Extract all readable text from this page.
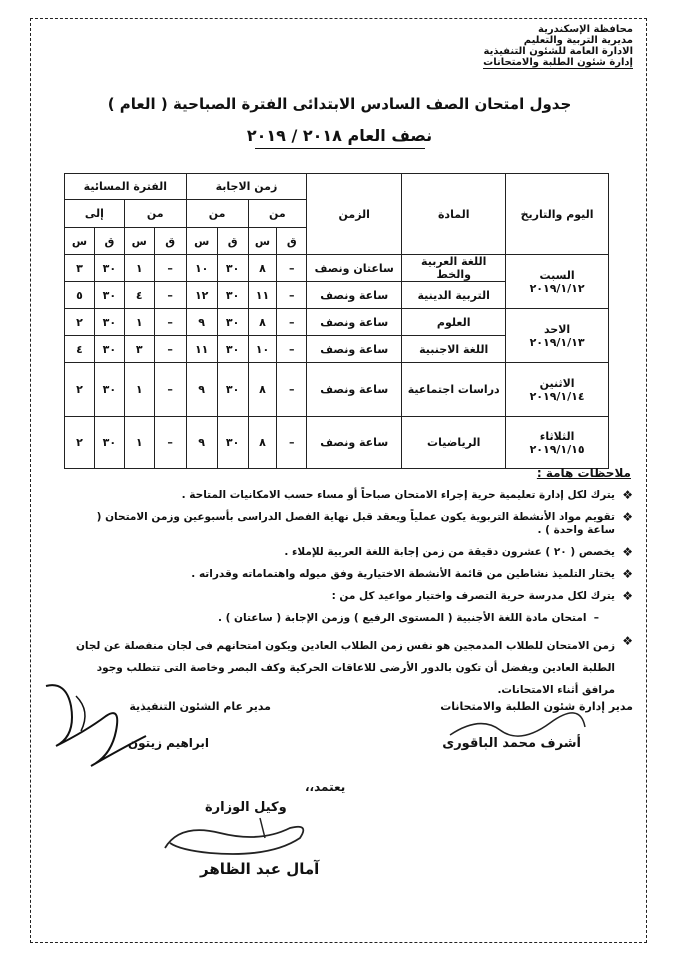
محافظة الإسكندرية
مديرية التربية والتعليم
الادارة العامة للشئون التنفيذية
إدارة شئون الطلبة والامتحانات
جدول امتحان الصف السادس الابتدائى الفترة الصباحية ( العام )
نصف العام ٢٠١٨ / ٢٠١٩
اليوم والتاريخ	المادة	الزمن	زمن الاجابة				الفترة المسائية			
			من		من		من		إلى	
			ق	س	ق	س	ق	س	ق	س

السبت
٢٠١٩/١/١٢	اللغة العربية والخط	ساعتان ونصف	–	٨	٣٠	١٠	–	١	٣٠	٣
	التربية الدينية	ساعة ونصف	–	١١	٣٠	١٢	–	٤	٣٠	٥

الاحد
٢٠١٩/١/١٣	العلوم	ساعة ونصف	–	٨	٣٠	٩	–	١	٣٠	٢
	اللغة الاجنبية	ساعة ونصف	–	١٠	٣٠	١١	–	٣	٣٠	٤

الاثنين
٢٠١٩/١/١٤	دراسات اجتماعية	ساعة ونصف	–	٨	٣٠	٩	–	١	٣٠	٢

الثلاثاء
٢٠١٩/١/١٥	الرياضيات	ساعة ونصف	–	٨	٣٠	٩	–	١	٣٠	٢
ملاحظات هامة :
❖
يترك لكل إدارة تعليمية حرية إجراء الامتحان صباحاً أو مساء حسب الامكانيات المتاحة .
❖
تقويم مواد الأنشطة التربوية يكون عملياً ويعقد قبل نهاية الفصل الدراسى بأسبوعين وزمن الامتحان ( ساعة واحدة ) .
❖
يخصص ( ٢٠ ) عشرون دقيقة من زمن إجابة اللغة العربية للإملاء .
❖
يختار التلميذ نشاطين من قائمة الأنشطة الاختيارية وفق ميوله واهتماماته وقدراته .
❖
يترك لكل مدرسة حرية التصرف واختيار مواعيد كل من :
–  امتحان مادة اللغة الأجنبية ( المستوى الرفيع ) وزمن الإجابة ( ساعتان ) .
❖
زمن الامتحان للطلاب المدمجين هو نفس زمن الطلاب العادين ويكون امتحانهم فى لجان منفصلة عن لجان الطلبة العادين ويفضل أن تكون بالدور الأرضى للاعاقات الحركية وكف البصر وخاصة التى تتطلب وجود مرافق أثناء الامتحانات.
مدير إدارة شئون الطلبة والامتحانات
أشرف محمد الباقورى
مدير عام الشئون التنفيذية
ابراهيم زيتون
يعتمد،،
وكيل الوزارة
آمال عبد الظاهر
